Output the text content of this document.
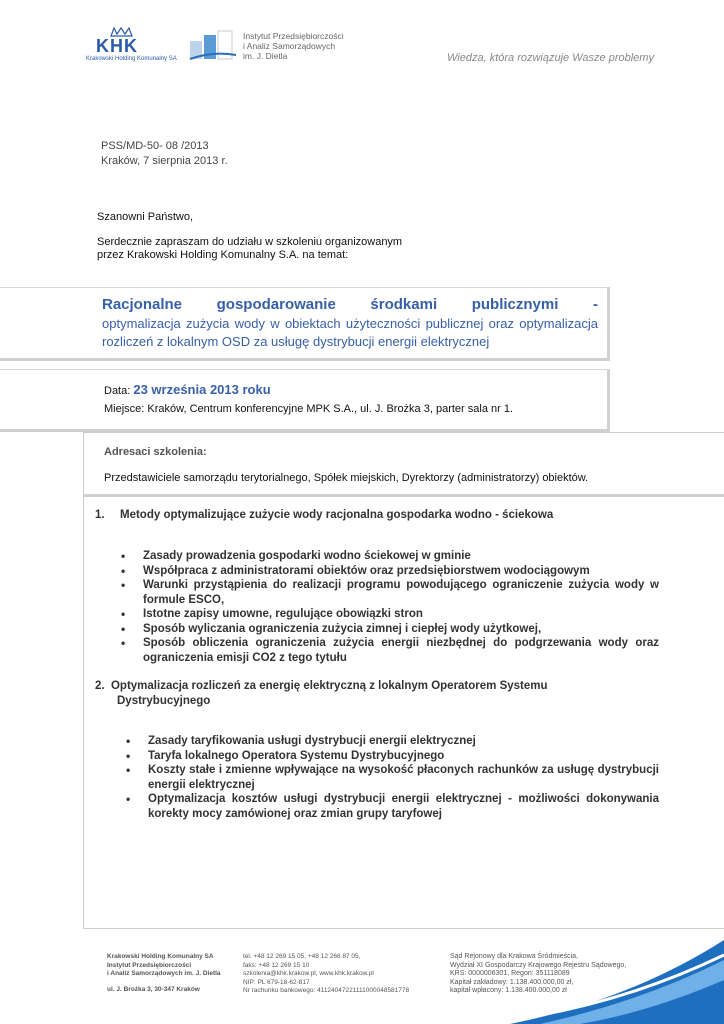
KHK
Krakowski Holding Komunalny SA
Instytut Przedsiębiorczości
i Analiz Samorządowych
im. J. Dietla	Wiedza, która rozwiązuje Wasze problemy
PSS/MD-50- 08 /2013
Kraków, 7 sierpnia 2013 r.
Szanowni Państwo,
Serdecznie zapraszam do udziału w szkoleniu organizowanym
przez Krakowski Holding Komunalny S.A. na temat:
Racjonalne gospodarowanie środkami publicznymi - optymalizacja zużycia wody w obiektach użyteczności publicznej oraz optymalizacja rozliczeń z lokalnym OSD za usługę dystrybucji energii elektrycznej
Data: 23 września 2013 roku
Miejsce: Kraków, Centrum konferencyjne MPK S.A., ul. J. Brożka 3, parter sala nr 1.
Adresaci szkolenia:
Przedstawiciele samorządu terytorialnego, Spółek miejskich, Dyrektorzy (administratorzy) obiektów.
1. Metody optymalizujące zużycie wody racjonalna gospodarka wodno - ściekowa
• Zasady prowadzenia gospodarki wodno ściekowej w gminie
• Współpraca z administratorami obiektów oraz przedsiębiorstwem wodociągowym
• Warunki przystąpienia do realizacji programu powodującego ograniczenie zużycia wody w formule ESCO,
• Istotne zapisy umowne, regulujące obowiązki stron
• Sposób wyliczania ograniczenia zużycia zimnej i ciepłej wody użytkowej,
• Sposób obliczenia ograniczenia zużycia energii niezbędnej do podgrzewania wody oraz ograniczenia emisji CO2 z tego tytułu
2. Optymalizacja rozliczeń za energię elektryczną z lokalnym Operatorem Systemu
Dystrybucyjnego
• Zasady taryfikowania usługi dystrybucji energii elektrycznej
• Taryfa lokalnego Operatora Systemu Dystrybucyjnego
• Koszty stałe i zmienne wpływające na wysokość płaconych rachunków za usługę dystrybucji energii elektrycznej
• Optymalizacja kosztów usługi dystrybucji energii elektrycznej - możliwości dokonywania korekty mocy zamówionej oraz zmian grupy taryfowej
Krakowski Holding Komunalny SA
Instytut Przedsiębiorczości
i Analiz Samorządowych im. J. Dietla
ul. J. Brożka 3, 30-347 Kraków
tel. +48 12 269 15 05, +48 12 266 87 05,
faks: +48 12 269 15 10
szkolenia@khk.krakow.pl, www.khk.krakow.pl
NIP: PL 679-18-62-817
Nr rachunku bankowego: 41124047221111000048581778
Sąd Rejonowy dla Krakowa Śródmieścia,
Wydział XI Gospodarczy Krajowego Rejestru Sądowego,
KRS: 0000006301, Regon: 351118089
Kapitał zakładowy: 1.138.400.000,00 zł,
kapitał wpłacony: 1.138.400.000,00 zł
